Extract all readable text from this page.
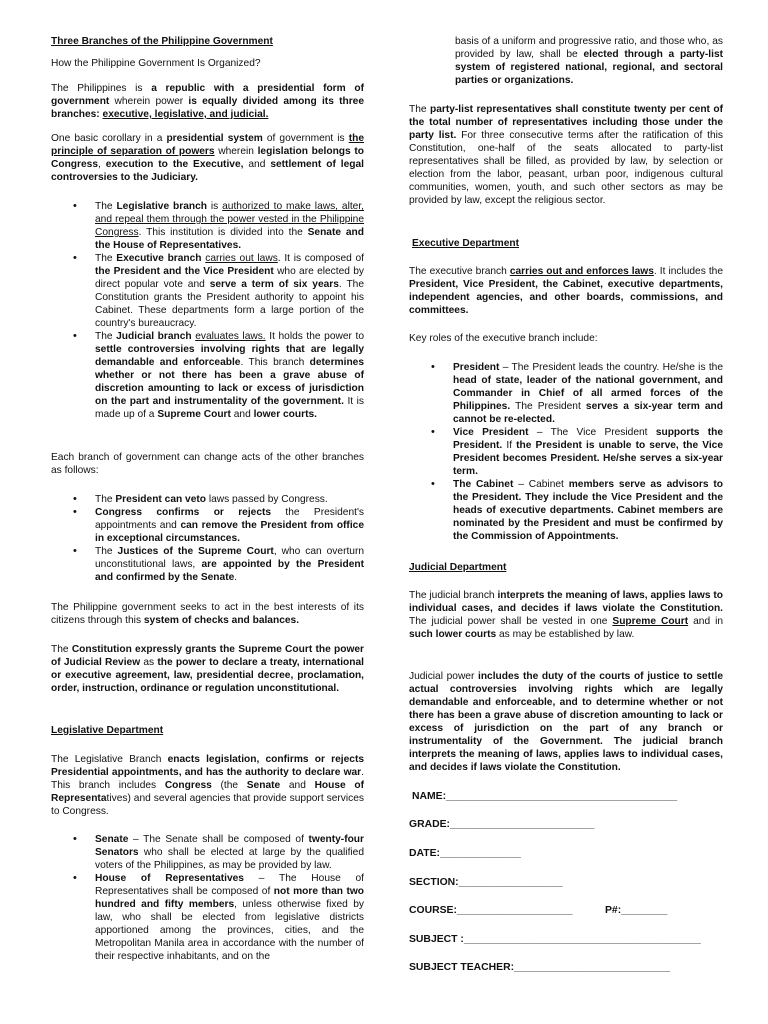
Three Branches of the Philippine Government
How the Philippine Government Is Organized?

The Philippines is a republic with a presidential form of government wherein power is equally divided among its three branches: executive, legislative, and judicial.

One basic corollary in a presidential system of government is the principle of separation of powers wherein legislation belongs to Congress, execution to the Executive, and settlement of legal controversies to the Judiciary.

• The Legislative branch is authorized to make laws, alter, and repeal them through the power vested in the Philippine Congress. This institution is divided into the Senate and the House of Representatives.
• The Executive branch carries out laws. It is composed of the President and the Vice President who are elected by direct popular vote and serve a term of six years. The Constitution grants the President authority to appoint his Cabinet. These departments form a large portion of the country's bureaucracy.
• The Judicial branch evaluates laws. It holds the power to settle controversies involving rights that are legally demandable and enforceable. This branch determines whether or not there has been a grave abuse of discretion amounting to lack or excess of jurisdiction on the part and instrumentality of the government. It is made up of a Supreme Court and lower courts.

Each branch of government can change acts of the other branches as follows:

• The President can veto laws passed by Congress.
• Congress confirms or rejects the President's appointments and can remove the President from office in exceptional circumstances.
• The Justices of the Supreme Court, who can overturn unconstitutional laws, are appointed by the President and confirmed by the Senate.

The Philippine government seeks to act in the best interests of its citizens through this system of checks and balances.

The Constitution expressly grants the Supreme Court the power of Judicial Review as the power to declare a treaty, international or executive agreement, law, presidential decree, proclamation, order, instruction, ordinance or regulation unconstitutional.

Legislative Department

The Legislative Branch enacts legislation, confirms or rejects Presidential appointments, and has the authority to declare war. This branch includes Congress (the Senate and House of Representatives) and several agencies that provide support services to Congress.

• Senate – The Senate shall be composed of twenty-four Senators who shall be elected at large by the qualified voters of the Philippines, as may be provided by law.
• House of Representatives – The House of Representatives shall be composed of not more than two hundred and fifty members, unless otherwise fixed by law, who shall be elected from legislative districts apportioned among the provinces, cities, and the Metropolitan Manila area in accordance with the number of their respective inhabitants, and on the

basis of a uniform and progressive ratio, and those who, as provided by law, shall be elected through a party-list system of registered national, regional, and sectoral parties or organizations.

The party-list representatives shall constitute twenty per cent of the total number of representatives including those under the party list. For three consecutive terms after the ratification of this Constitution, one-half of the seats allocated to party-list representatives shall be filled, as provided by law, by selection or election from the labor, peasant, urban poor, indigenous cultural communities, women, youth, and such other sectors as may be provided by law, except the religious sector.

Executive Department

The executive branch carries out and enforces laws. It includes the President, Vice President, the Cabinet, executive departments, independent agencies, and other boards, commissions, and committees.

Key roles of the executive branch include:

• President – The President leads the country. He/she is the head of state, leader of the national government, and Commander in Chief of all armed forces of the Philippines. The President serves a six-year term and cannot be re-elected.
• Vice President – The Vice President supports the President. If the President is unable to serve, the Vice President becomes President. He/she serves a six-year term.
• The Cabinet – Cabinet members serve as advisors to the President. They include the Vice President and the heads of executive departments. Cabinet members are nominated by the President and must be confirmed by the Commission of Appointments.
Judicial Department

The judicial branch interprets the meaning of laws, applies laws to individual cases, and decides if laws violate the Constitution. The judicial power shall be vested in one Supreme Court and in such lower courts as may be established by law.

Judicial power includes the duty of the courts of justice to settle actual controversies involving rights which are legally demandable and enforceable, and to determine whether or not there has been a grave abuse of discretion amounting to lack or excess of jurisdiction on the part of any branch or instrumentality of the Government. The judicial branch interprets the meaning of laws, applies laws to individual cases, and decides if laws violate the Constitution.

NAME:________________________________________
GRADE:_________________________
DATE:______________
SECTION:__________________
COURSE:____________________	P#:________
SUBJECT :_________________________________________
SUBJECT TEACHER:___________________________
